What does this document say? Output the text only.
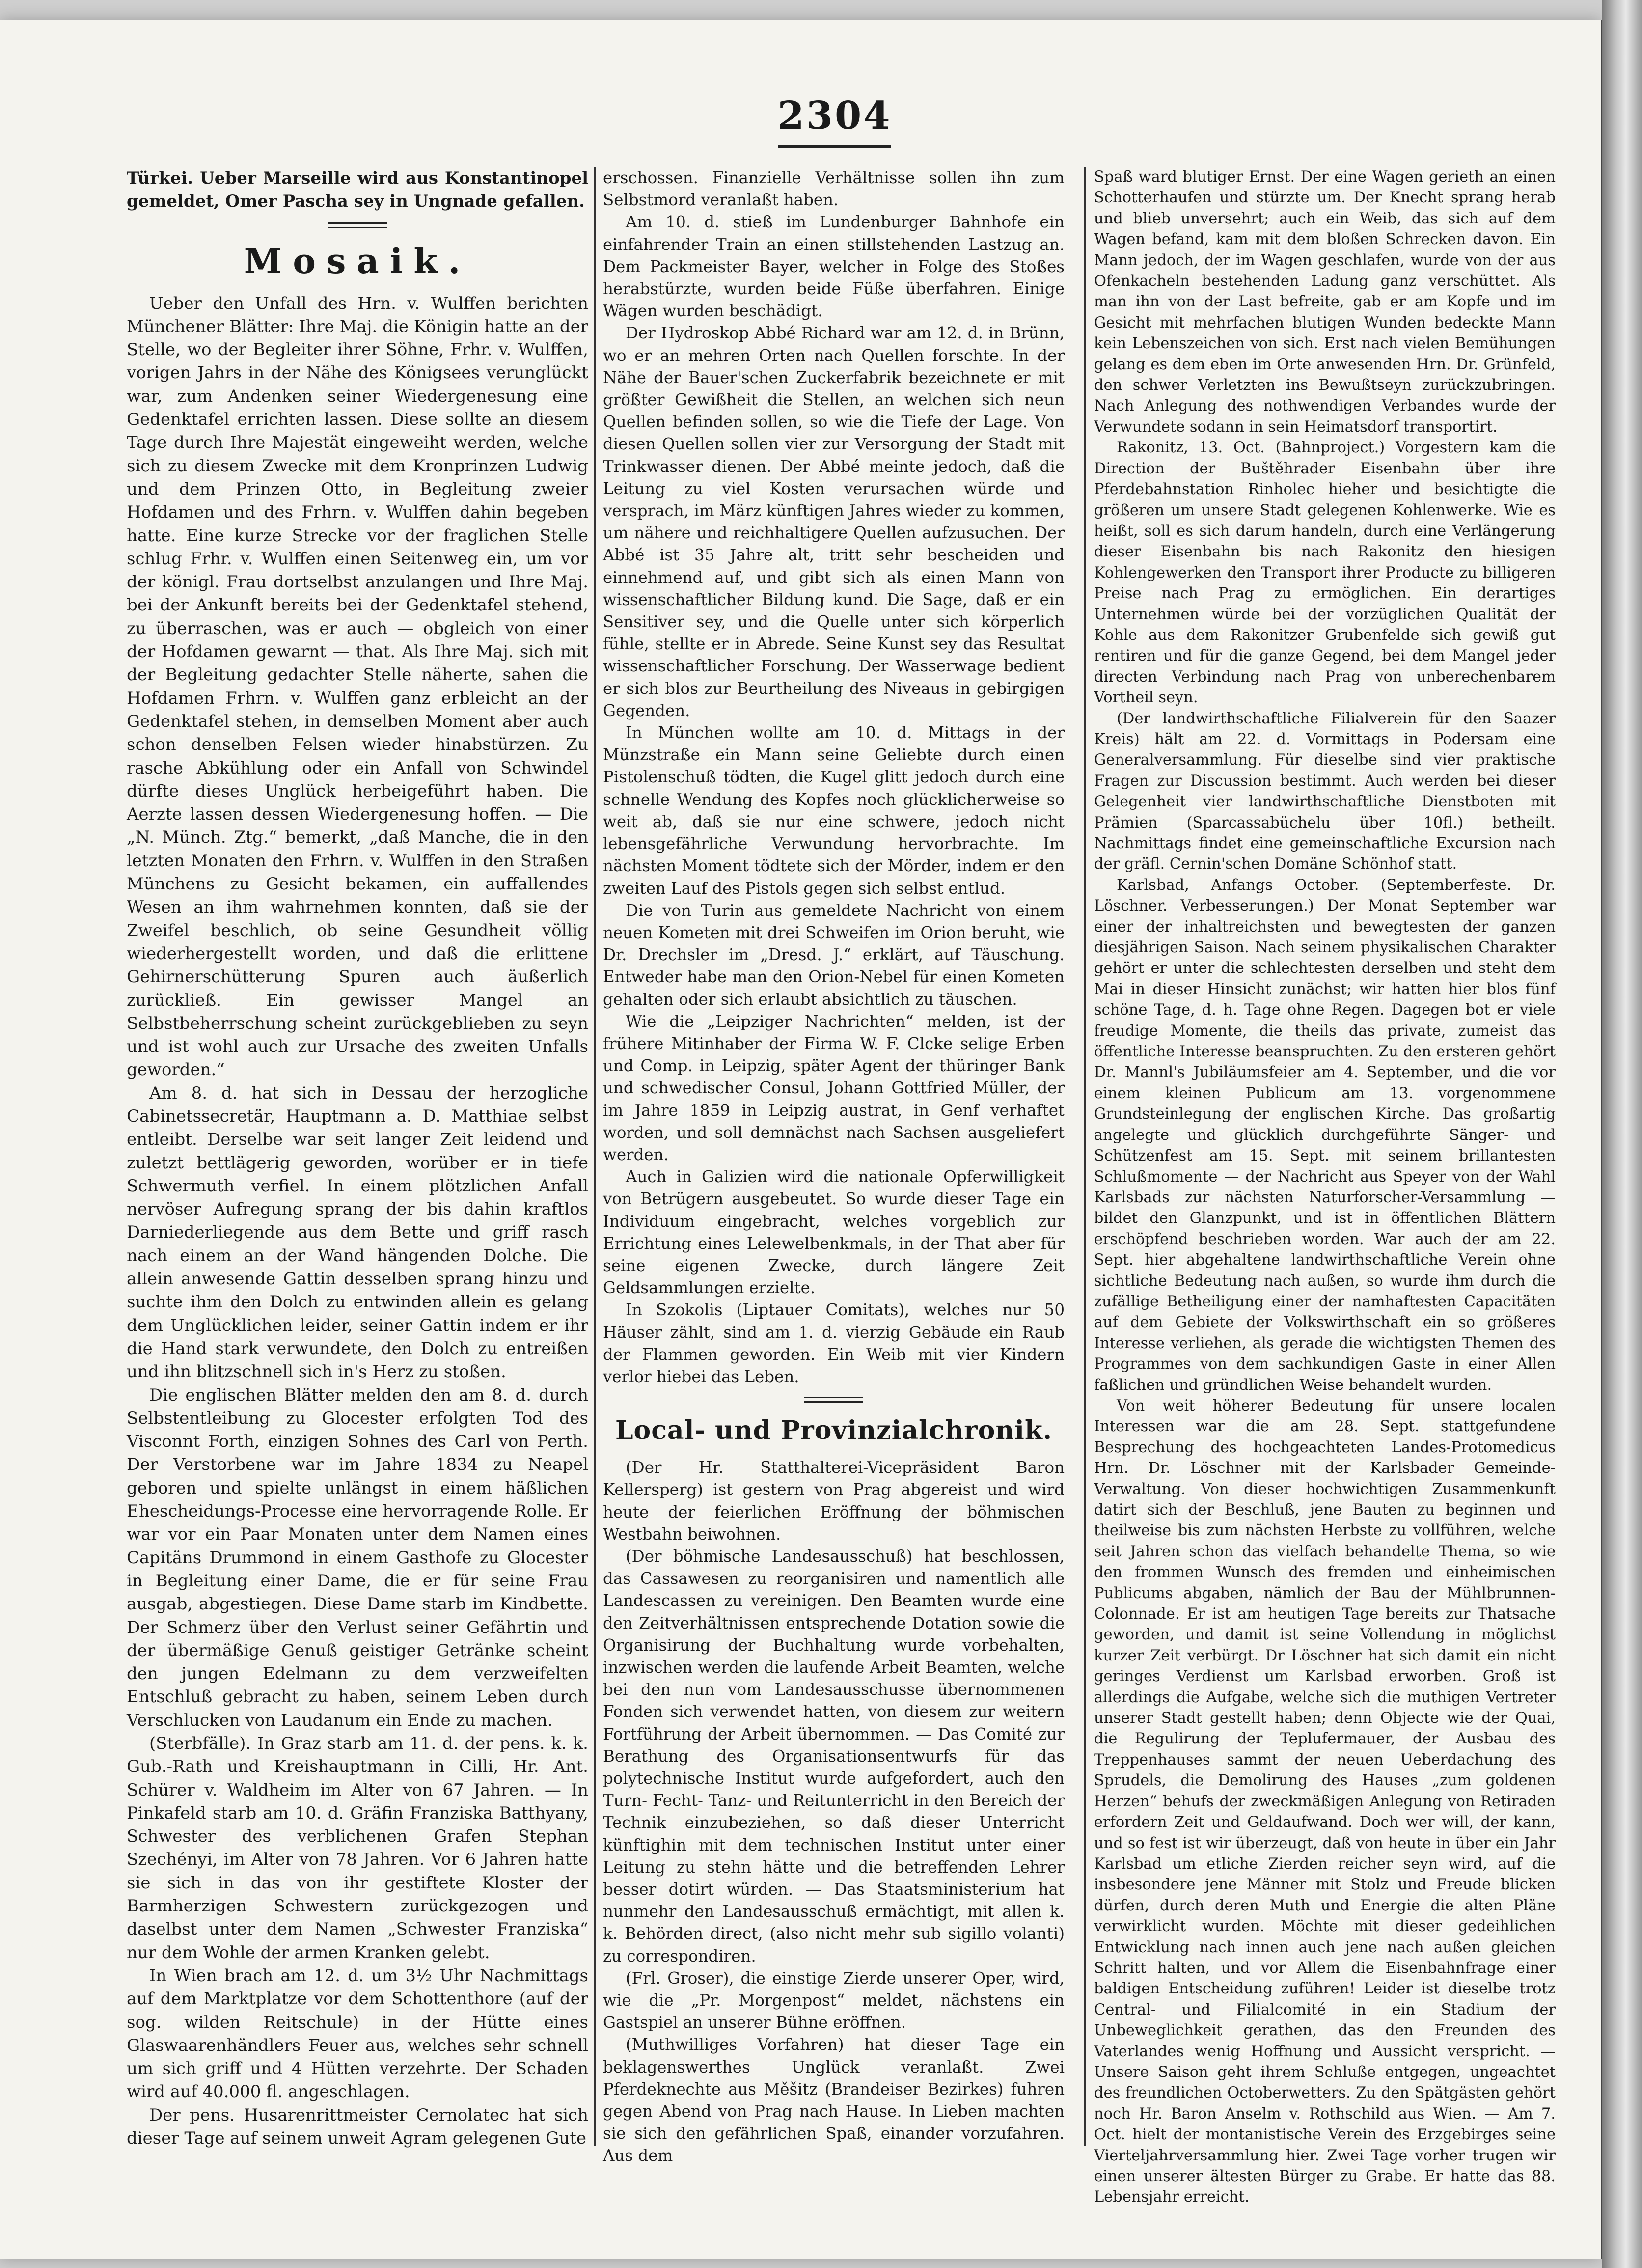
2304

Türkei. Ueber Marseille wird aus Konstantinopel gemeldet, Omer Pascha sey in Ungnade gefallen.

Mosaik.

Ueber den Unfall des Hrn. v. Wulffen berichten Münchener Blätter: Ihre Maj. die Königin hatte an der Stelle, wo der Begleiter ihrer Söhne, Frhr. v. Wulffen, vorigen Jahrs in der Nähe des Königsees verunglückt war, zum Andenken seiner Wiedergenesung eine Gedenktafel errichten lassen. Diese sollte an diesem Tage durch Ihre Majestät eingeweiht werden, welche sich zu diesem Zwecke mit dem Kronprinzen Ludwig und dem Prinzen Otto, in Begleitung zweier Hofdamen und des Frhrn. v. Wulffen dahin begeben hatte. Eine kurze Strecke vor der fraglichen Stelle schlug Frhr. v. Wulffen einen Seitenweg ein, um vor der königl. Frau dortselbst anzulangen und Ihre Maj. bei der Ankunft bereits bei der Gedenktafel stehend, zu überraschen, was er auch — obgleich von einer der Hofdamen gewarnt — that. Als Ihre Maj. sich mit der Begleitung gedachter Stelle näherte, sahen die Hofdamen Frhrn. v. Wulffen ganz erbleicht an der Gedenktafel stehen, in demselben Moment aber auch schon denselben Felsen wieder hinabstürzen. Zu rasche Abkühlung oder ein Anfall von Schwindel dürfte dieses Unglück herbeigeführt haben. Die Aerzte lassen dessen Wiedergenesung hoffen. — Die „N. Münch. Ztg.“ bemerkt, „daß Manche, die in den letzten Monaten den Frhrn. v. Wulffen in den Straßen Münchens zu Gesicht bekamen, ein auffallendes Wesen an ihm wahrnehmen konnten, daß sie der Zweifel beschlich, ob seine Gesundheit völlig wiederhergestellt worden, und daß die erlittene Gehirnerschütterung Spuren auch äußerlich zurückließ. Ein gewisser Mangel an Selbstbeherrschung scheint zurückgeblieben zu seyn und ist wohl auch zur Ursache des zweiten Unfalls geworden.“

Am 8. d. hat sich in Dessau der herzogliche Cabinetssecretär, Hauptmann a. D. Matthiae selbst entleibt. Derselbe war seit langer Zeit leidend und zuletzt bettlägerig geworden, worüber er in tiefe Schwermuth verfiel. In einem plötzlichen Anfall nervöser Aufregung sprang der bis dahin kraftlos Darniederliegende aus dem Bette und griff rasch nach einem an der Wand hängenden Dolche. Die allein anwesende Gattin desselben sprang hinzu und suchte ihm den Dolch zu entwinden allein es gelang dem Unglücklichen leider, seiner Gattin indem er ihr die Hand stark verwundete, den Dolch zu entreißen und ihn blitzschnell sich in's Herz zu stoßen.

Die englischen Blätter melden den am 8. d. durch Selbstentleibung zu Glocester erfolgten Tod des Visconnt Forth, einzigen Sohnes des Carl von Perth. Der Verstorbene war im Jahre 1834 zu Neapel geboren und spielte unlängst in einem häßlichen Ehescheidungs-Processe eine hervorragende Rolle. Er war vor ein Paar Monaten unter dem Namen eines Capitäns Drummond in einem Gasthofe zu Glocester in Begleitung einer Dame, die er für seine Frau ausgab, abgestiegen. Diese Dame starb im Kindbette. Der Schmerz über den Verlust seiner Gefährtin und der übermäßige Genuß geistiger Getränke scheint den jungen Edelmann zu dem verzweifelten Entschluß gebracht zu haben, seinem Leben durch Verschlucken von Laudanum ein Ende zu machen.

(Sterbfälle). In Graz starb am 11. d. der pens. k. k. Gub.-Rath und Kreishauptmann in Cilli, Hr. Ant. Schürer v. Waldheim im Alter von 67 Jahren. — In Pinkafeld starb am 10. d. Gräfin Franziska Batthyany, Schwester des verblichenen Grafen Stephan Szechényi, im Alter von 78 Jahren. Vor 6 Jahren hatte sie sich in das von ihr gestiftete Kloster der Barmherzigen Schwestern zurückgezogen und daselbst unter dem Namen „Schwester Franziska“ nur dem Wohle der armen Kranken gelebt.

In Wien brach am 12. d. um 3½ Uhr Nachmittags auf dem Marktplatze vor dem Schottenthore (auf der sog. wilden Reitschule) in der Hütte eines Glaswaarenhändlers Feuer aus, welches sehr schnell um sich griff und 4 Hütten verzehrte. Der Schaden wird auf 40.000 fl. angeschlagen.

Der pens. Husarenrittmeister Cernolatec hat sich dieser Tage auf seinem unweit Agram gelegenen Gute

erschossen. Finanzielle Verhältnisse sollen ihn zum Selbstmord veranlaßt haben.

Am 10. d. stieß im Lundenburger Bahnhofe ein einfahrender Train an einen stillstehenden Lastzug an. Dem Packmeister Bayer, welcher in Folge des Stoßes herabstürzte, wurden beide Füße überfahren. Einige Wägen wurden beschädigt.

Der Hydroskop Abbé Richard war am 12. d. in Brünn, wo er an mehren Orten nach Quellen forschte. In der Nähe der Bauer'schen Zuckerfabrik bezeichnete er mit größter Gewißheit die Stellen, an welchen sich neun Quellen befinden sollen, so wie die Tiefe der Lage. Von diesen Quellen sollen vier zur Versorgung der Stadt mit Trinkwasser dienen. Der Abbé meinte jedoch, daß die Leitung zu viel Kosten verursachen würde und versprach, im März künftigen Jahres wieder zu kommen, um nähere und reichhaltigere Quellen aufzusuchen. Der Abbé ist 35 Jahre alt, tritt sehr bescheiden und einnehmend auf, und gibt sich als einen Mann von wissenschaftlicher Bildung kund. Die Sage, daß er ein Sensitiver sey, und die Quelle unter sich körperlich fühle, stellte er in Abrede. Seine Kunst sey das Resultat wissenschaftlicher Forschung. Der Wasserwage bedient er sich blos zur Beurtheilung des Niveaus in gebirgigen Gegenden.

In München wollte am 10. d. Mittags in der Münzstraße ein Mann seine Geliebte durch einen Pistolenschuß tödten, die Kugel glitt jedoch durch eine schnelle Wendung des Kopfes noch glücklicherweise so weit ab, daß sie nur eine schwere, jedoch nicht lebensgefährliche Verwundung hervorbrachte. Im nächsten Moment tödtete sich der Mörder, indem er den zweiten Lauf des Pistols gegen sich selbst entlud.

Die von Turin aus gemeldete Nachricht von einem neuen Kometen mit drei Schweifen im Orion beruht, wie Dr. Drechsler im „Dresd. J.“ erklärt, auf Täuschung. Entweder habe man den Orion-Nebel für einen Kometen gehalten oder sich erlaubt absichtlich zu täuschen.

Wie die „Leipziger Nachrichten“ melden, ist der frühere Mitinhaber der Firma W. F. Clcke selige Erben und Comp. in Leipzig, später Agent der thüringer Bank und schwedischer Consul, Johann Gottfried Müller, der im Jahre 1859 in Leipzig austrat, in Genf verhaftet worden, und soll demnächst nach Sachsen ausgeliefert werden.

Auch in Galizien wird die nationale Opferwilligkeit von Betrügern ausgebeutet. So wurde dieser Tage ein Individuum eingebracht, welches vorgeblich zur Errichtung eines Lelewelbenkmals, in der That aber für seine eigenen Zwecke, durch längere Zeit Geldsammlungen erzielte.

In Szokolis (Liptauer Comitats), welches nur 50 Häuser zählt, sind am 1. d. vierzig Gebäude ein Raub der Flammen geworden. Ein Weib mit vier Kindern verlor hiebei das Leben.

Local- und Provinzialchronik.

(Der Hr. Statthalterei-Vicepräsident Baron Kellersperg) ist gestern von Prag abgereist und wird heute der feierlichen Eröffnung der böhmischen Westbahn beiwohnen.

(Der böhmische Landesausschuß) hat beschlossen, das Cassawesen zu reorganisiren und namentlich alle Landescassen zu vereinigen. Den Beamten wurde eine den Zeitverhältnissen entsprechende Dotation sowie die Organisirung der Buchhaltung wurde vorbehalten, inzwischen werden die laufende Arbeit Beamten, welche bei den nun vom Landesausschusse übernommenen Fonden sich verwendet hatten, von diesem zur weitern Fortführung der Arbeit übernommen. — Das Comité zur Berathung des Organisationsentwurfs für das polytechnische Institut wurde aufgefordert, auch den Turn- Fecht- Tanz- und Reitunterricht in den Bereich der Technik einzubeziehen, so daß dieser Unterricht künftighin mit dem technischen Institut unter einer Leitung zu stehn hätte und die betreffenden Lehrer besser dotirt würden. — Das Staatsministerium hat nunmehr den Landesausschuß ermächtigt, mit allen k. k. Behörden direct, (also nicht mehr sub sigillo volanti) zu correspondiren.

(Frl. Groser), die einstige Zierde unserer Oper, wird, wie die „Pr. Morgenpost“ meldet, nächstens ein Gastspiel an unserer Bühne eröffnen.

(Muthwilliges Vorfahren) hat dieser Tage ein beklagenswerthes Unglück veranlaßt. Zwei Pferdeknechte aus Měšitz (Brandeiser Bezirkes) fuhren gegen Abend von Prag nach Hause. In Lieben machten sie sich den gefährlichen Spaß, einander vorzufahren. Aus dem

Spaß ward blutiger Ernst. Der eine Wagen gerieth an einen Schotterhaufen und stürzte um. Der Knecht sprang herab und blieb unversehrt; auch ein Weib, das sich auf dem Wagen befand, kam mit dem bloßen Schrecken davon. Ein Mann jedoch, der im Wagen geschlafen, wurde von der aus Ofenkacheln bestehenden Ladung ganz verschüttet. Als man ihn von der Last befreite, gab er am Kopfe und im Gesicht mit mehrfachen blutigen Wunden bedeckte Mann kein Lebenszeichen von sich. Erst nach vielen Bemühungen gelang es dem eben im Orte anwesenden Hrn. Dr. Grünfeld, den schwer Verletzten ins Bewußtseyn zurückzubringen. Nach Anlegung des nothwendigen Verbandes wurde der Verwundete sodann in sein Heimatsdorf transportirt.

Rakonitz, 13. Oct. (Bahnproject.) Vorgestern kam die Direction der Buštěhrader Eisenbahn über ihre Pferdebahnstation Rinholec hieher und besichtigte die größeren um unsere Stadt gelegenen Kohlenwerke. Wie es heißt, soll es sich darum handeln, durch eine Verlängerung dieser Eisenbahn bis nach Rakonitz den hiesigen Kohlengewerken den Transport ihrer Producte zu billigeren Preise nach Prag zu ermöglichen. Ein derartiges Unternehmen würde bei der vorzüglichen Qualität der Kohle aus dem Rakonitzer Grubenfelde sich gewiß gut rentiren und für die ganze Gegend, bei dem Mangel jeder directen Verbindung nach Prag von unberechenbarem Vortheil seyn.

(Der landwirthschaftliche Filialverein für den Saazer Kreis) hält am 22. d. Vormittags in Podersam eine Generalversammlung. Für dieselbe sind vier praktische Fragen zur Discussion bestimmt. Auch werden bei dieser Gelegenheit vier landwirthschaftliche Dienstboten mit Prämien (Sparcassabüchelu über 10fl.) betheilt. Nachmittags findet eine gemeinschaftliche Excursion nach der gräfl. Cernin'schen Domäne Schönhof statt.

Karlsbad, Anfangs October. (Septemberfeste. Dr. Löschner. Verbesserungen.) Der Monat September war einer der inhaltreichsten und bewegtesten der ganzen diesjährigen Saison. Nach seinem physikalischen Charakter gehört er unter die schlechtesten derselben und steht dem Mai in dieser Hinsicht zunächst; wir hatten hier blos fünf schöne Tage, d. h. Tage ohne Regen. Dagegen bot er viele freudige Momente, die theils das private, zumeist das öffentliche Interesse beanspruchten. Zu den ersteren gehört Dr. Mannl's Jubiläumsfeier am 4. September, und die vor einem kleinen Publicum am 13. vorgenommene Grundsteinlegung der englischen Kirche. Das großartig angelegte und glücklich durchgeführte Sänger- und Schützenfest am 15. Sept. mit seinem brillantesten Schlußmomente — der Nachricht aus Speyer von der Wahl Karlsbads zur nächsten Naturforscher-Versammlung — bildet den Glanzpunkt, und ist in öffentlichen Blättern erschöpfend beschrieben worden. War auch der am 22. Sept. hier abgehaltene landwirthschaftliche Verein ohne sichtliche Bedeutung nach außen, so wurde ihm durch die zufällige Betheiligung einer der namhaftesten Capacitäten auf dem Gebiete der Volkswirthschaft ein so größeres Interesse verliehen, als gerade die wichtigsten Themen des Programmes von dem sachkundigen Gaste in einer Allen faßlichen und gründlichen Weise behandelt wurden.

Von weit höherer Bedeutung für unsere localen Interessen war die am 28. Sept. stattgefundene Besprechung des hochgeachteten Landes-Protomedicus Hrn. Dr. Löschner mit der Karlsbader Gemeinde-Verwaltung. Von dieser hochwichtigen Zusammenkunft datirt sich der Beschluß, jene Bauten zu beginnen und theilweise bis zum nächsten Herbste zu vollführen, welche seit Jahren schon das vielfach behandelte Thema, so wie den frommen Wunsch des fremden und einheimischen Publicums abgaben, nämlich der Bau der Mühlbrunnen-Colonnade. Er ist am heutigen Tage bereits zur Thatsache geworden, und damit ist seine Vollendung in möglichst kurzer Zeit verbürgt. Dr Löschner hat sich damit ein nicht geringes Verdienst um Karlsbad erworben. Groß ist allerdings die Aufgabe, welche sich die muthigen Vertreter unserer Stadt gestellt haben; denn Objecte wie der Quai, die Regulirung der Teplufermauer, der Ausbau des Treppenhauses sammt der neuen Ueberdachung des Sprudels, die Demolirung des Hauses „zum goldenen Herzen“ behufs der zweckmäßigen Anlegung von Retiraden erfordern Zeit und Geldaufwand. Doch wer will, der kann, und so fest ist wir überzeugt, daß von heute in über ein Jahr Karlsbad um etliche Zierden reicher seyn wird, auf die insbesondere jene Männer mit Stolz und Freude blicken dürfen, durch deren Muth und Energie die alten Pläne verwirklicht wurden. Möchte mit dieser gedeihlichen Entwicklung nach innen auch jene nach außen gleichen Schritt halten, und vor Allem die Eisenbahnfrage einer baldigen Entscheidung zuführen! Leider ist dieselbe trotz Central- und Filialcomité in ein Stadium der Unbeweglichkeit gerathen, das den Freunden des Vaterlandes wenig Hoffnung und Aussicht verspricht. — Unsere Saison geht ihrem Schluße entgegen, ungeachtet des freundlichen Octoberwetters. Zu den Spätgästen gehört noch Hr. Baron Anselm v. Rothschild aus Wien. — Am 7. Oct. hielt der montanistische Verein des Erzgebirges seine Vierteljahrversammlung hier. Zwei Tage vorher trugen wir einen unserer ältesten Bürger zu Grabe. Er hatte das 88. Lebensjahr erreicht.
